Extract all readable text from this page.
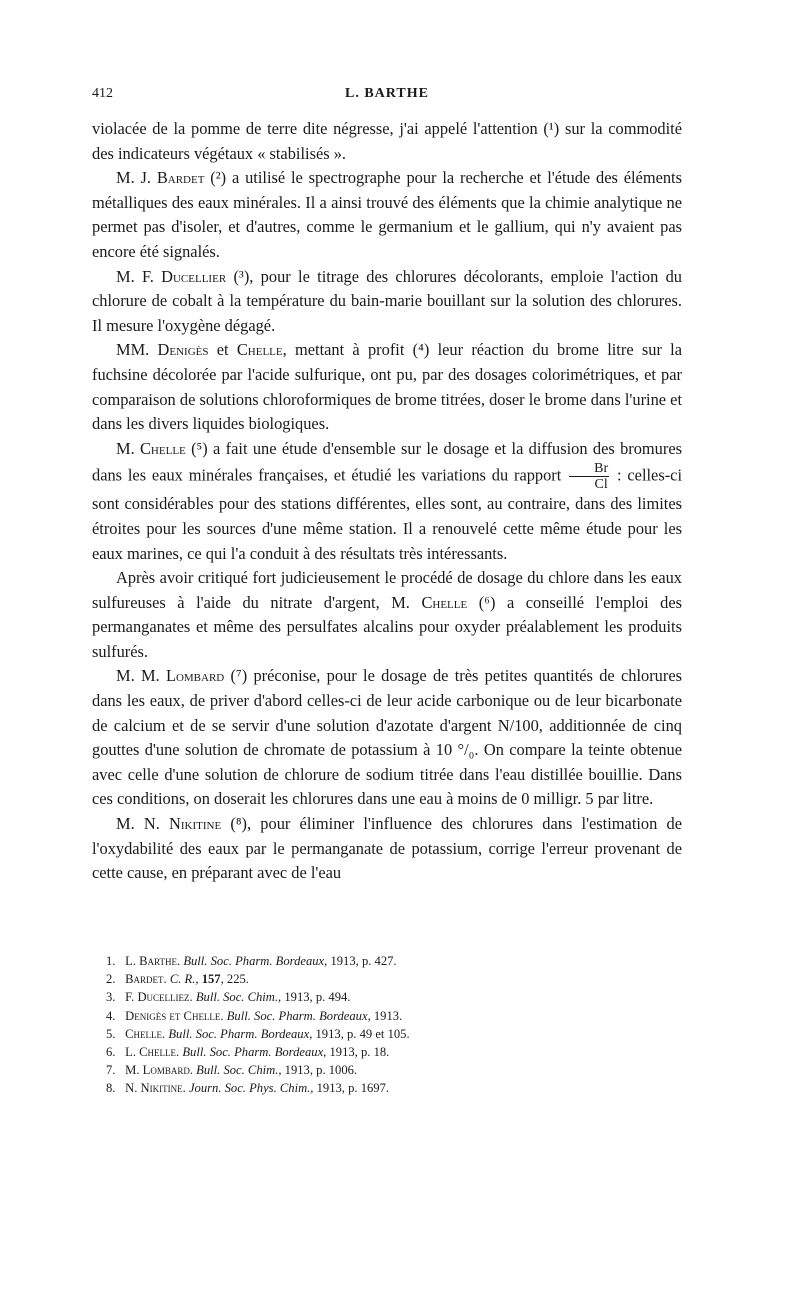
412	L. BARTHE

violacée de la pomme de terre dite négresse, j'ai appelé l'attention (¹) sur la commodité des indicateurs végétaux « stabilisés ».

M. J. Bardet (²) a utilisé le spectrographe pour la recherche et l'étude des éléments métalliques des eaux minérales. Il a ainsi trouvé des éléments que la chimie analytique ne permet pas d'isoler, et d'autres, comme le germanium et le gallium, qui n'y avaient pas encore été signalés.

M. F. Ducellier (³), pour le titrage des chlorures décolorants, emploie l'action du chlorure de cobalt à la température du bain-marie bouillant sur la solution des chlorures. Il mesure l'oxygène dégagé.

MM. Denigès et Chelle, mettant à profit (⁴) leur réaction du brome litre sur la fuchsine décolorée par l'acide sulfurique, ont pu, par des dosages colorimétriques, et par comparaison de solutions chloroformiques de brome titrées, doser le brome dans l'urine et dans les divers liquides biologiques.

M. Chelle (⁵) a fait une étude d'ensemble sur le dosage et la diffusion des bromures dans les eaux minérales françaises, et étudié les variations du rapport $\frac{Br}{Cl}$ : celles-ci sont considérables pour des stations différentes, elles sont, au contraire, dans des limites étroites pour les sources d'une même station. Il a renouvelé cette même étude pour les eaux marines, ce qui l'a conduit à des résultats très intéressants.

Après avoir critiqué fort judicieusement le procédé de dosage du chlore dans les eaux sulfureuses à l'aide du nitrate d'argent, M. Chelle (⁶) a conseillé l'emploi des permanganates et même des persulfates alcalins pour oxyder préalablement les produits sulfurés.

M. M. Lombard (⁷) préconise, pour le dosage de très petites quantités de chlorures dans les eaux, de priver d'abord celles-ci de leur acide carbonique ou de leur bicarbonate de calcium et de se servir d'une solution d'azotate d'argent N/100, additionnée de cinq gouttes d'une solution de chromate de potassium à 10 °/₀. On compare la teinte obtenue avec celle d'une solution de chlorure de sodium titrée dans l'eau distillée bouillie. Dans ces conditions, on doserait les chlorures dans une eau à moins de 0 milligr. 5 par litre.

M. N. Nikitine (⁸), pour éliminer l'influence des chlorures dans l'estimation de l'oxydabilité des eaux par le permanganate de potassium, corrige l'erreur provenant de cette cause, en préparant avec de l'eau

1. L. Barthe. Bull. Soc. Pharm. Bordeaux, 1913, p. 427.
2. Bardet. C. R., 157, 225.
3. F. Ducelliez. Bull. Soc. Chim., 1913, p. 494.
4. Denigès et Chelle. Bull. Soc. Pharm. Bordeaux, 1913.
5. Chelle. Bull. Soc. Pharm. Bordeaux, 1913, p. 49 et 105.
6. L. Chelle. Bull. Soc. Pharm. Bordeaux, 1913, p. 18.
7. M. Lombard. Bull. Soc. Chim., 1913, p. 1006.
8. N. Nikitine. Journ. Soc. Phys. Chim., 1913, p. 1697.
